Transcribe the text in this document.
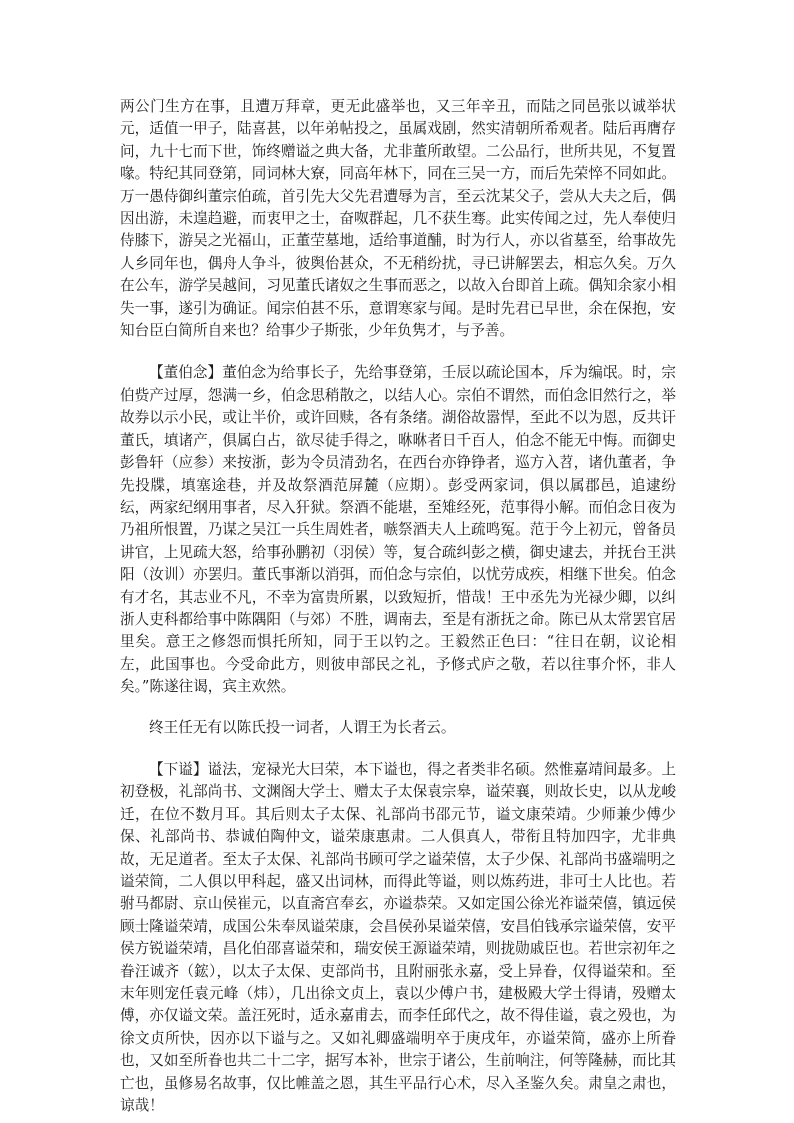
两公门生方在事，且遭万拜章，更无此盛举也，又三年辛丑，而陆之同邑张以诚举状元，适值一甲子，陆喜甚，以年弟帖投之，虽属戏剧，然实清朝所希观者。陆后再膺存问，九十七而下世，饰终赠谥之典大备，尤非董所敢望。二公品行，世所共见，不复置喙。特纪其同登第，同词林大寮，同高年林下，同在三吴一方，而后先荣悴不同如此。万一愚侍御纠董宗伯疏，首引先大父先君遭辱为言，至云沈某父子，尝从大夫之后，偶因出游，未遑趋避，而衷甲之士，奋呶群起，几不获生骞。此实传闻之过，先人奉使归侍膝下，游吴之光福山，正董茔墓地，适给事道酺，时为行人，亦以省墓至，给事故先人乡同年也，偶舟人争斗，彼舆佁甚众，不无稍纷扰，寻已讲解罢去，相忘久矣。万久在公车，游学吴越间，习见董氏诸奴之生事而恶之，以故入台即首上疏。偶知余家小相失一事，遂引为确证。闻宗伯甚不乐，意谓寒家与闻。是时先君已早世，余在保抱，安知台臣白简所自来也？给事少子斯张，少年负隽才，与予善。

【董伯念】董伯念为给事长子，先给事登第，壬辰以疏论国本，斥为编氓。时，宗伯赀产过厚，怨满一乡，伯念思稍散之，以结人心。宗伯不谓然，而伯念旧然行之，举故券以示小民，或让半价，或许回赎，各有条绪。湖俗故嚣悍，至此不以为恩，反共讦董氏，填诸产，俱属白占，欲尽徒手得之，咻咻者日千百人，伯念不能无中悔。而御史彭鲁轩（应参）来按浙，彭为令员清劲名，在西台亦铮铮者，巡方入苕，诸仇董者，争先投牒，填塞途巷，并及故祭酒范屏麓（应期）。彭受两家词，俱以属郡邑，追逮纷纭，两家纪纲用事者，尽入犴狱。祭酒不能堪，至雉经死，范事得小解。而伯念日夜为乃祖所恨置，乃谋之吴江一兵生周姓者，嗾祭酒夫人上疏鸣冤。范于今上初元，曾备员讲官，上见疏大怒，给事孙鹏初（羽侯）等，复合疏纠彭之横，御史逮去，并抚台王洪阳（汝训）亦罢归。董氏事渐以消弭，而伯念与宗伯，以忧劳成疾，相继下世矣。伯念有才名，其志业不凡，不幸为富贵所累，以致短折，惜哉！王中丞先为光禄少卿，以纠浙人吏科都给事中陈隅阳（与郊）不胜，调南去，至是有浙抚之命。陈已从太常罢官居里矣。意王之修怨而惧托所知，同于王以钓之。王毅然正色曰：“往日在朝，议论相左，此国事也。今受命此方，则彼申部民之礼，予修式庐之敬，若以往事介怀，非人矣。”陈遂往谒，宾主欢然。

终王任无有以陈氏投一词者，人谓王为长者云。

【下谥】谥法，宠禄光大曰荣，本下谥也，得之者类非名硕。然惟嘉靖间最多。上初登极，礼部尚书、文渊阁大学士、赠太子太保袁宗皋，谥荣襄，则故长史，以从龙峻迁，在位不数月耳。其后则太子太保、礼部尚书邵元节，谥文康荣靖。少师兼少傅少保、礼部尚书、恭诚伯陶仲文，谥荣康惠肃。二人俱真人，带衔且特加四字，尤非典故，无足道者。至太子太保、礼部尚书顾可学之谥荣僖，太子少保、礼部尚书盛端明之谥荣简，二人俱以甲科起，盛又出词林，而得此等谥，则以炼药进，非可士人比也。若驸马都尉、京山侯崔元，以直斋宫奉玄，亦谥恭荣。又如定国公徐光祚谥荣僖，镇远侯顾士隆谥荣靖，成国公朱奉凤谥荣康，会昌侯孙杲谥荣僖，安昌伯钱承宗谥荣僖，安平侯方锐谥荣靖，昌化伯邵喜谥荣和，瑞安侯王源谥荣靖，则拢勋戚臣也。若世宗初年之眷汪诚齐（鋐），以太子太保、吏部尚书，且附丽张永嘉，受上异眷，仅得谥荣和。至末年则宠任袁元峰（炜），几出徐文贞上，袁以少傅户书，建极殿大学士得请，殁赠太傅，亦仅谥文荣。盖汪死时，适永嘉甫去，而李任邱代之，故不得佳谥，袁之殁也，为徐文贞所快，因亦以下谥与之。又如礼卿盛端明卒于庚戌年，亦谥荣简，盛亦上所眷也，又如至所眷也共二十二字，据写本补，世宗于诸公，生前响注，何等隆赫，而比其亡也，虽修易名故事，仅比帷盖之恩，其生平品行心术，尽入圣鉴久矣。肃皇之肃也，谅哉！
